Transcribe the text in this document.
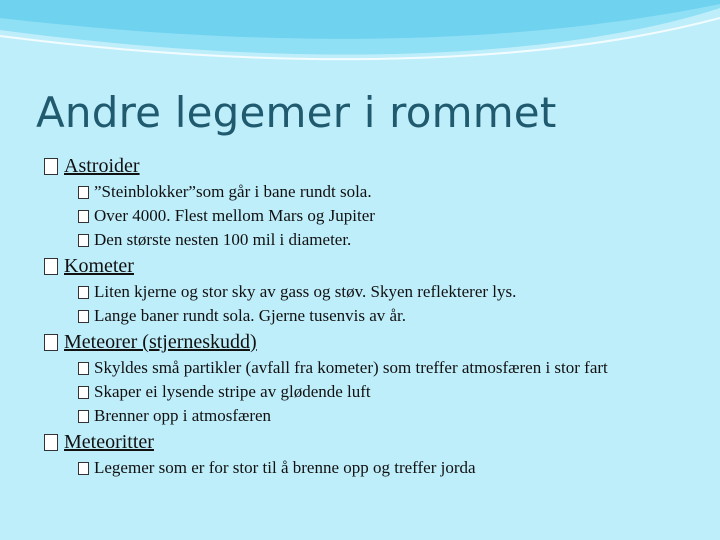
Andre legemer i rommet
Astroider
”Steinblokker”som går i bane rundt sola.
Over 4000. Flest mellom Mars og Jupiter
Den største nesten 100 mil i diameter.
Kometer
Liten kjerne og stor sky av gass og støv. Skyen reflekterer lys.
Lange baner rundt sola. Gjerne tusenvis av år.
Meteorer (stjerneskudd)
Skyldes små partikler (avfall fra kometer) som treffer atmosfæren i stor fart
Skaper ei lysende stripe av glødende luft
Brenner opp i atmosfæren
Meteoritter
Legemer som er for stor til å brenne opp og treffer jorda
